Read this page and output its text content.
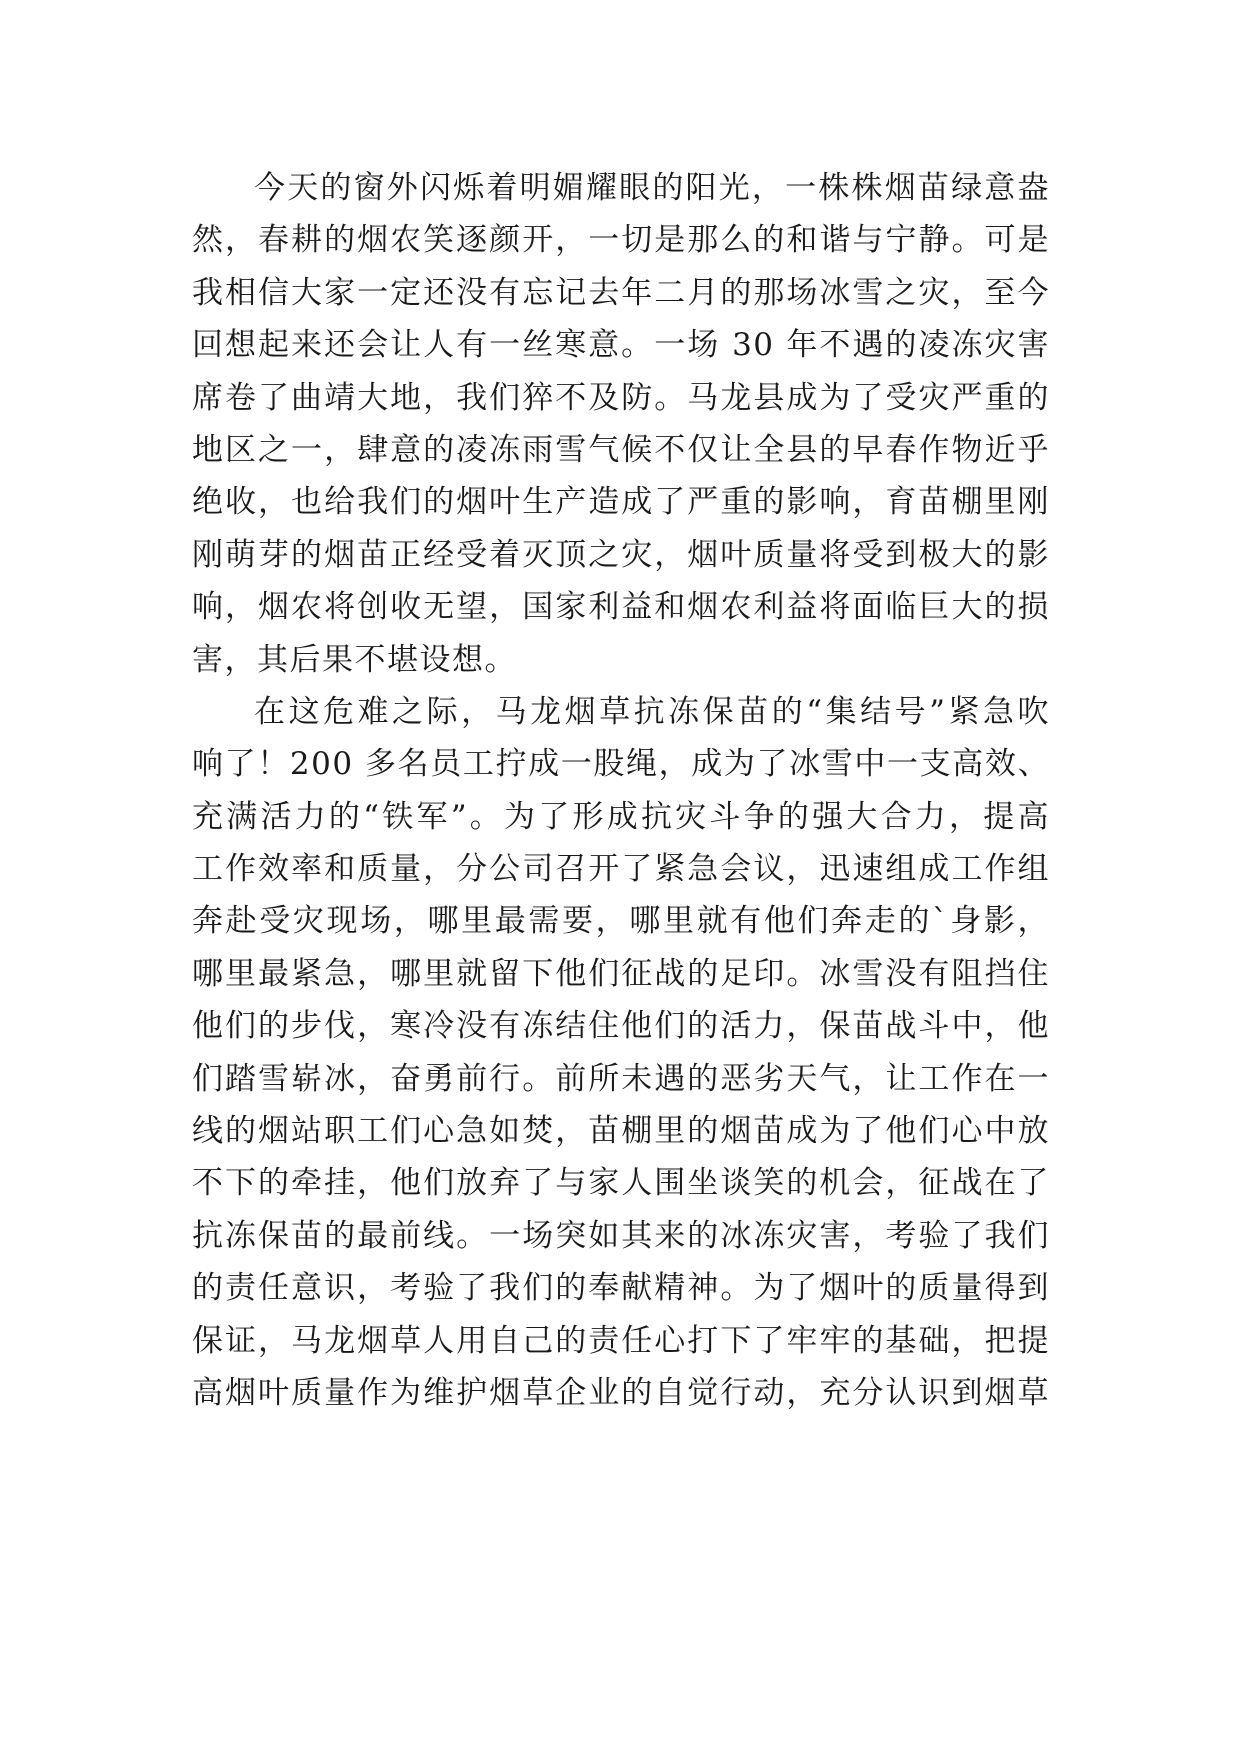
今天的窗外闪烁着明媚耀眼的阳光，一株株烟苗绿意盎
然，春耕的烟农笑逐颜开，一切是那么的和谐与宁静。可是
我相信大家一定还没有忘记去年二月的那场冰雪之灾，至今
回想起来还会让人有一丝寒意。一场 30 年不遇的凌冻灾害
席卷了曲靖大地，我们猝不及防。马龙县成为了受灾严重的
地区之一，肆意的凌冻雨雪气候不仅让全县的早春作物近乎
绝收，也给我们的烟叶生产造成了严重的影响，育苗棚里刚
刚萌芽的烟苗正经受着灭顶之灾，烟叶质量将受到极大的影
响，烟农将创收无望，国家利益和烟农利益将面临巨大的损
害，其后果不堪设想。
在这危难之际，马龙烟草抗冻保苗的“集结号”紧急吹
响了！200 多名员工拧成一股绳，成为了冰雪中一支高效、
充满活力的“铁军”。为了形成抗灾斗争的强大合力，提高
工作效率和质量，分公司召开了紧急会议，迅速组成工作组
奔赴受灾现场，哪里最需要，哪里就有他们奔走的`身影，
哪里最紧急，哪里就留下他们征战的足印。冰雪没有阻挡住
他们的步伐，寒冷没有冻结住他们的活力，保苗战斗中，他
们踏雪崭冰，奋勇前行。前所未遇的恶劣天气，让工作在一
线的烟站职工们心急如焚，苗棚里的烟苗成为了他们心中放
不下的牵挂，他们放弃了与家人围坐谈笑的机会，征战在了
抗冻保苗的最前线。一场突如其来的冰冻灾害，考验了我们
的责任意识，考验了我们的奉献精神。为了烟叶的质量得到
保证，马龙烟草人用自己的责任心打下了牢牢的基础，把提
高烟叶质量作为维护烟草企业的自觉行动，充分认识到烟草
